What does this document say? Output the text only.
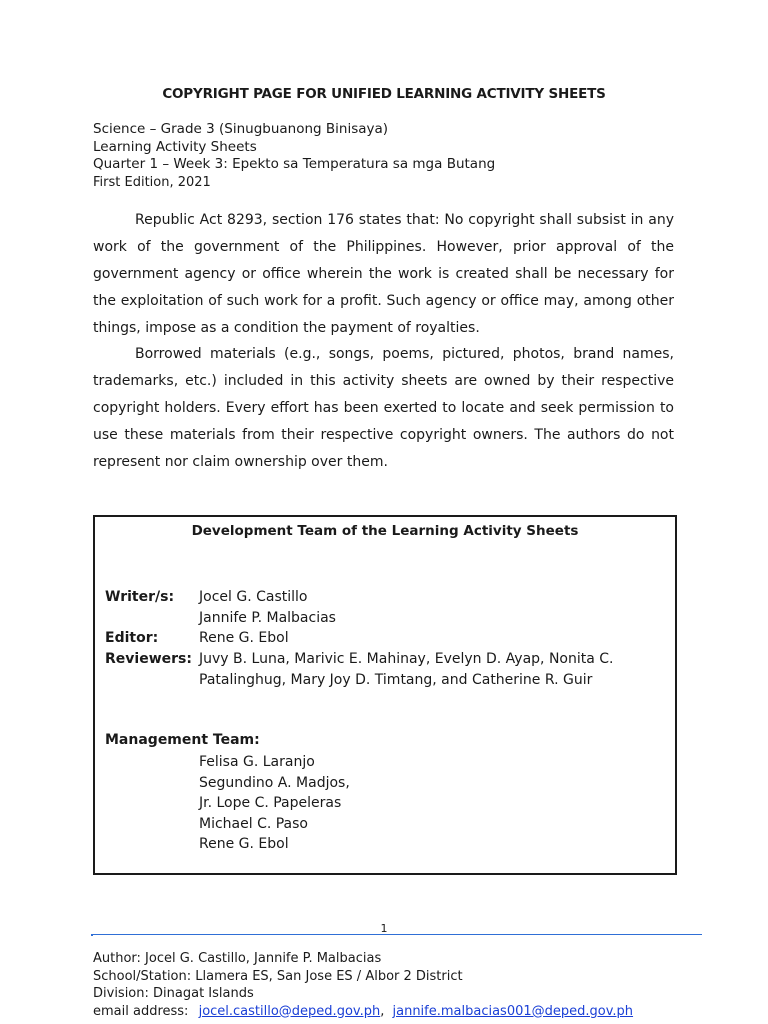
COPYRIGHT PAGE FOR UNIFIED LEARNING ACTIVITY SHEETS
Science – Grade 3 (Sinugbuanong Binisaya)
Learning Activity Sheets
Quarter 1 – Week 3: Epekto sa Temperatura sa mga Butang
First Edition, 2021

Republic Act 8293, section 176 states that: No copyright shall subsist in any work of the government of the Philippines. However, prior approval of the government agency or office wherein the work is created shall be necessary for the exploitation of such work for a profit. Such agency or office may, among other things, impose as a condition the payment of royalties.

Borrowed materials (e.g., songs, poems, pictured, photos, brand names, trademarks, etc.) included in this activity sheets are owned by their respective copyright holders. Every effort has been exerted to locate and seek permission to use these materials from their respective copyright owners. The authors do not represent nor claim ownership over them.

Development Team of the Learning Activity Sheets
Writer/s: Jocel G. Castillo
Jannife P. Malbacias
Editor:	Rene G. Ebol
Reviewers: Juvy B. Luna, Marivic E. Mahinay, Evelyn D. Ayap, Nonita C. Patalinghug, Mary Joy D. Timtang, and Catherine R. Guir
Management Team:
Felisa G. Laranjo
Segundino A. Madjos,
Jr. Lope C. Papeleras
Michael C. Paso
Rene G. Ebol
1
Author: Jocel G. Castillo, Jannife P. Malbacias
School/Station: Llamera ES, San Jose ES / Albor 2 District
Division: Dinagat Islands
email address: jocel.castillo@deped.gov.ph, jannife.malbacias001@deped.gov.ph
